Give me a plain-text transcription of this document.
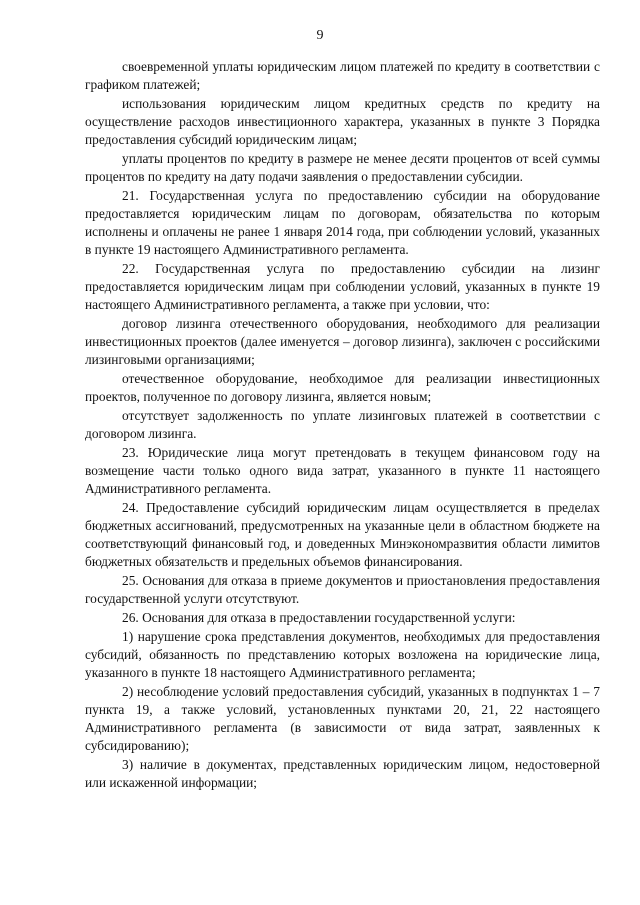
9

своевременной уплаты юридическим лицом платежей по кредиту в соответствии с графиком платежей;

использования юридическим лицом кредитных средств по кредиту на осуществление расходов инвестиционного характера, указанных в пункте 3 Порядка предоставления субсидий юридическим лицам;

уплаты процентов по кредиту в размере не менее десяти процентов от всей суммы процентов по кредиту на дату подачи заявления о предоставлении субсидии.

21. Государственная услуга по предоставлению субсидии на оборудование предоставляется юридическим лицам по договорам, обязательства по которым исполнены и оплачены не ранее 1 января 2014 года, при соблюдении условий, указанных в пункте 19 настоящего Административного регламента.

22. Государственная услуга по предоставлению субсидии на лизинг предоставляется юридическим лицам при соблюдении условий, указанных в пункте 19 настоящего Административного регламента, а также при условии, что:

договор лизинга отечественного оборудования, необходимого для реализации инвестиционных проектов (далее именуется – договор лизинга), заключен с российскими лизинговыми организациями;

отечественное оборудование, необходимое для реализации инвестиционных проектов, полученное по договору лизинга, является новым;

отсутствует задолженность по уплате лизинговых платежей в соответствии с договором лизинга.

23. Юридические лица могут претендовать в текущем финансовом году на возмещение части только одного вида затрат, указанного в пункте 11 настоящего Административного регламента.

24. Предоставление субсидий юридическим лицам осуществляется в пределах бюджетных ассигнований, предусмотренных на указанные цели в областном бюджете на соответствующий финансовый год, и доведенных Минэкономразвития области лимитов бюджетных обязательств и предельных объемов финансирования.

25. Основания для отказа в приеме документов и приостановления предоставления государственной услуги отсутствуют.

26. Основания для отказа в предоставлении государственной услуги:

1) нарушение срока представления документов, необходимых для предоставления субсидий, обязанность по представлению которых возложена на юридические лица, указанного в пункте 18 настоящего Административного регламента;

2) несоблюдение условий предоставления субсидий, указанных в подпунктах 1 – 7 пункта 19, а также условий, установленных пунктами 20, 21, 22 настоящего Административного регламента (в зависимости от вида затрат, заявленных к субсидированию);

3) наличие в документах, представленных юридическим лицом, недостоверной или искаженной информации;
